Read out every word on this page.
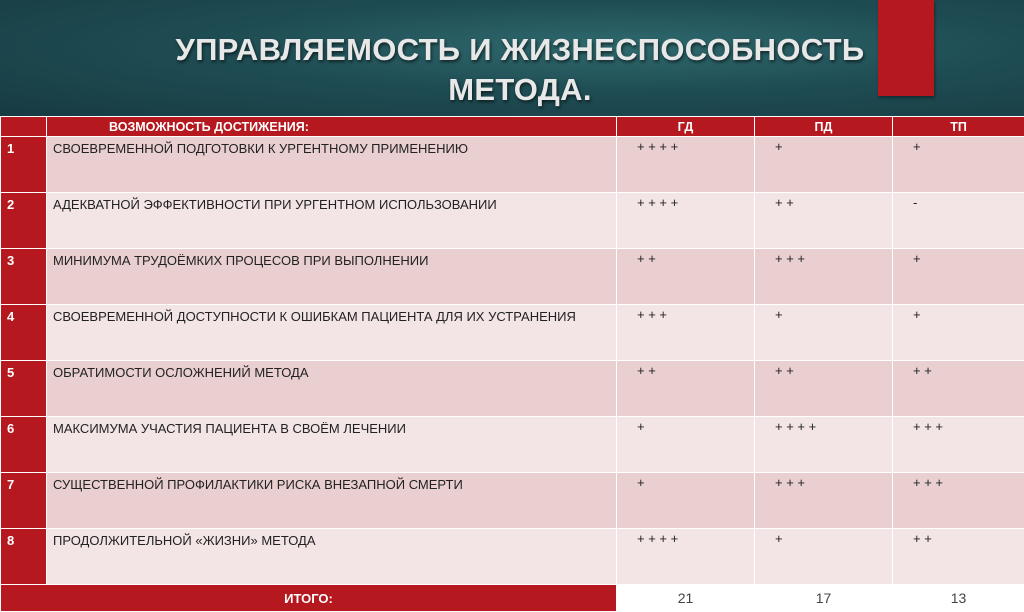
УПРАВЛЯЕМОСТЬ И ЖИЗНЕСПОСОБНОСТЬ
МЕТОДА.
	ВОЗМОЖНОСТЬ ДОСТИЖЕНИЯ:	ГД	ПД	ТП
1	СВОЕВРЕМЕННОЙ ПОДГОТОВКИ К УРГЕНТНОМУ ПРИМЕНЕНИЮ	+ + + +	+	+
2	АДЕКВАТНОЙ ЭФФЕКТИВНОСТИ ПРИ УРГЕНТНОМ ИСПОЛЬЗОВАНИИ	+ + + +	+ +	-
3	МИНИМУМА ТРУДОЁМКИХ ПРОЦЕСОВ ПРИ ВЫПОЛНЕНИИ	+ +	+ + +	+
4	СВОЕВРЕМЕННОЙ ДОСТУПНОСТИ К ОШИБКАМ ПАЦИЕНТА ДЛЯ ИХ УСТРАНЕНИЯ	+ + +	+	+
5	ОБРАТИМОСТИ ОСЛОЖНЕНИЙ МЕТОДА	+ +	+ +	+ +
6	МАКСИМУМА УЧАСТИЯ ПАЦИЕНТА В СВОЁМ ЛЕЧЕНИИ	+	+ + + +	+ + +
7	СУЩЕСТВЕННОЙ ПРОФИЛАКТИКИ РИСКА ВНЕЗАПНОЙ СМЕРТИ	+	+ + +	+ + +
8	ПРОДОЛЖИТЕЛЬНОЙ «ЖИЗНИ» МЕТОДА	+ + + +	+	+ +
ИТОГО:		21	17	13
